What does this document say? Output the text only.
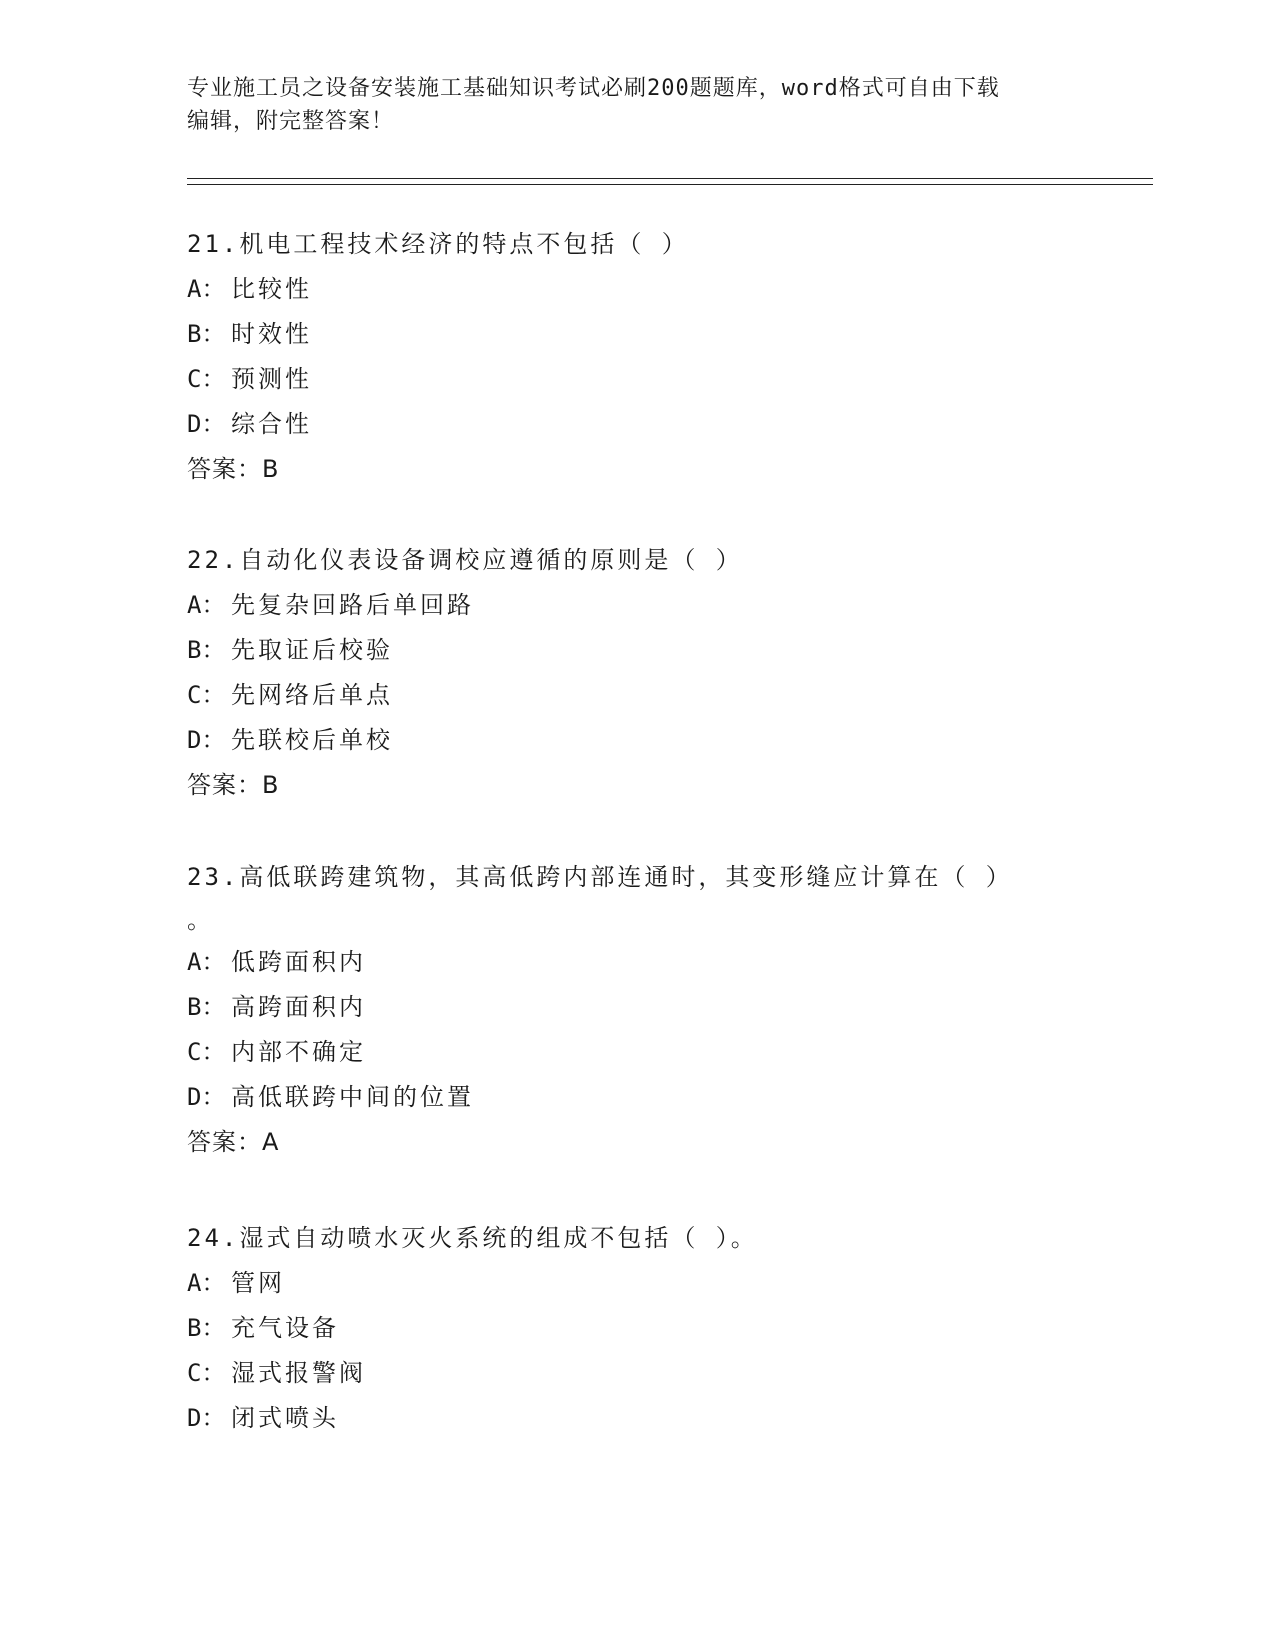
专业施工员之设备安装施工基础知识考试必刷200题题库，word格式可自由下载
编辑，附完整答案！
21.机电工程技术经济的特点不包括（ ）
A： 比较性
B： 时效性
C： 预测性
D： 综合性
答案：B
22.自动化仪表设备调校应遵循的原则是（ ）
A： 先复杂回路后单回路
B： 先取证后校验
C： 先网络后单点
D： 先联校后单校
答案：B
23.高低联跨建筑物，其高低跨内部连通时，其变形缝应计算在（ ）
。
A： 低跨面积内
B： 高跨面积内
C： 内部不确定
D： 高低联跨中间的位置
答案：A
24.湿式自动喷水灭火系统的组成不包括（ ）。
A： 管网
B： 充气设备
C： 湿式报警阀
D： 闭式喷头
